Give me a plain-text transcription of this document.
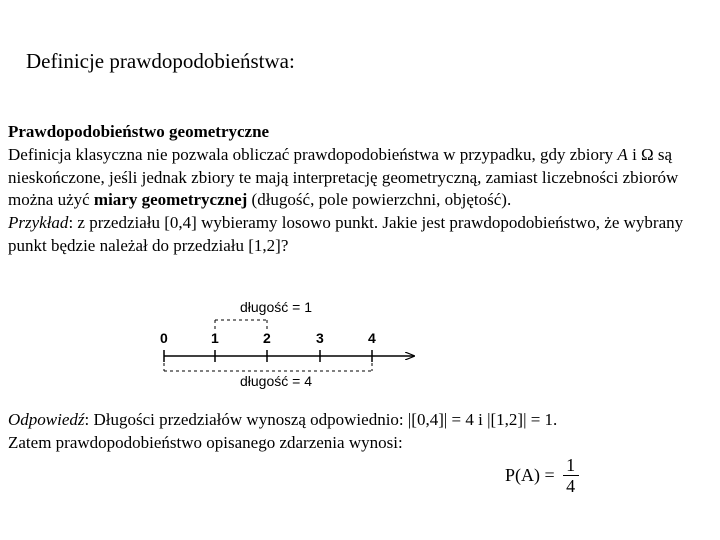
Definicje prawdopodobieństwa:

Prawdopodobieństwo geometryczne

Definicja klasyczna nie pozwala obliczać prawdopodobieństwa w przypadku, gdy zbiory A i Ω są nieskończone, jeśli jednak zbiory te mają interpretację geometryczną, zamiast liczebności zbiorów można użyć miary geometrycznej (długość, pole powierzchni, objętość).

Przykład: z przedziału [0,4] wybieramy losowo punkt. Jakie jest prawdopodobieństwo, że wybrany punkt będzie należał do przedziału [1,2]?

długość = 1
0	1	2	3	4
długość = 4
Odpowiedź: Długości przedziałów wynoszą odpowiednio: |[0,4]| = 4 i |[1,2]| = 1.
Zatem prawdopodobieństwo opisanego zdarzenia wynosi:
$P(A) = \frac{1}{4}$
